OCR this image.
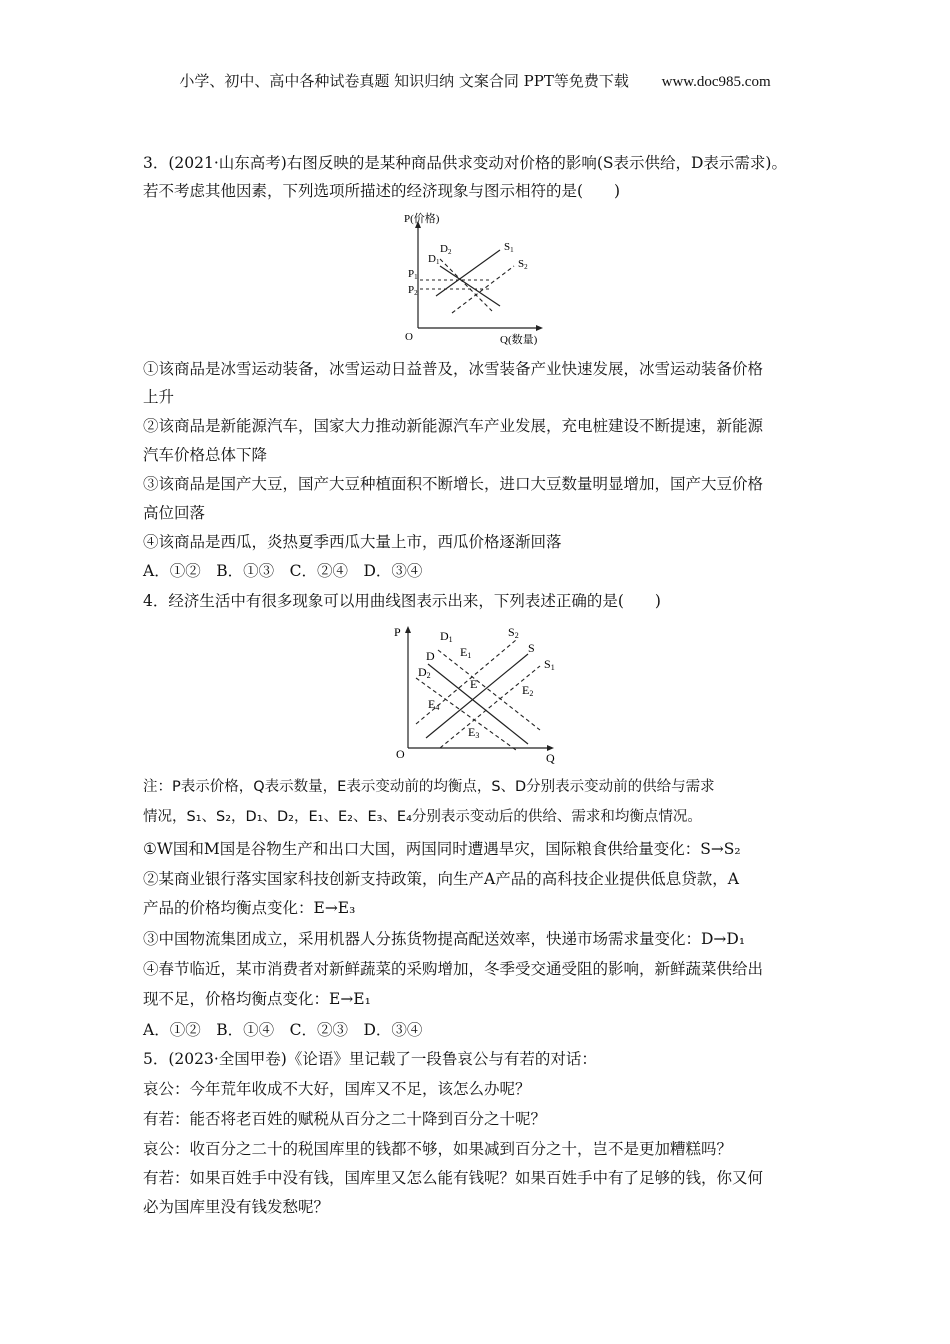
小学、初中、高中各种试卷真题 知识归纳 文案合同 PPT等免费下载 www.doc985.com
3．(2021·山东高考)右图反映的是某种商品供求变动对价格的影响(S表示供给，D表示需求)。
若不考虑其他因素，下列选项所描述的经济现象与图示相符的是(　　)
P(价格)
Q(数量)
O
P1
P2
D2
D1
S1
S2
①该商品是冰雪运动装备，冰雪运动日益普及，冰雪装备产业快速发展，冰雪运动装备价格
上升
②该商品是新能源汽车，国家大力推动新能源汽车产业发展，充电桩建设不断提速，新能源
汽车价格总体下降
③该商品是国产大豆，国产大豆种植面积不断增长，进口大豆数量明显增加，国产大豆价格
高位回落
④该商品是西瓜，炎热夏季西瓜大量上市，西瓜价格逐渐回落
A．①②　B．①③　C．②④　D．③④
4．经济生活中有很多现象可以用曲线图表示出来，下列表述正确的是(　　)
P
Q
O
D1
D
D2
S2
S
S1
E1
E	E2
E4
E3
注：P表示价格，Q表示数量，E表示变动前的均衡点，S、D分别表示变动前的供给与需求
情况，S₁、S₂，D₁、D₂，E₁、E₂、E₃、E₄分别表示变动后的供给、需求和均衡点情况。
①W国和M国是谷物生产和出口大国，两国同时遭遇旱灾，国际粮食供给量变化：S→S₂
②某商业银行落实国家科技创新支持政策，向生产A产品的高科技企业提供低息贷款，A
产品的价格均衡点变化：E→E₃
③中国物流集团成立，采用机器人分拣货物提高配送效率，快递市场需求量变化：D→D₁
④春节临近，某市消费者对新鲜蔬菜的采购增加，冬季受交通受阻的影响，新鲜蔬菜供给出
现不足，价格均衡点变化：E→E₁
A．①②　B．①④　C．②③　D．③④
5．(2023·全国甲卷)《论语》里记载了一段鲁哀公与有若的对话：
哀公：今年荒年收成不大好，国库又不足，该怎么办呢？
有若：能否将老百姓的赋税从百分之二十降到百分之十呢？
哀公：收百分之二十的税国库里的钱都不够，如果减到百分之十，岂不是更加糟糕吗？
有若：如果百姓手中没有钱，国库里又怎么能有钱呢？如果百姓手中有了足够的钱，你又何
必为国库里没有钱发愁呢？
